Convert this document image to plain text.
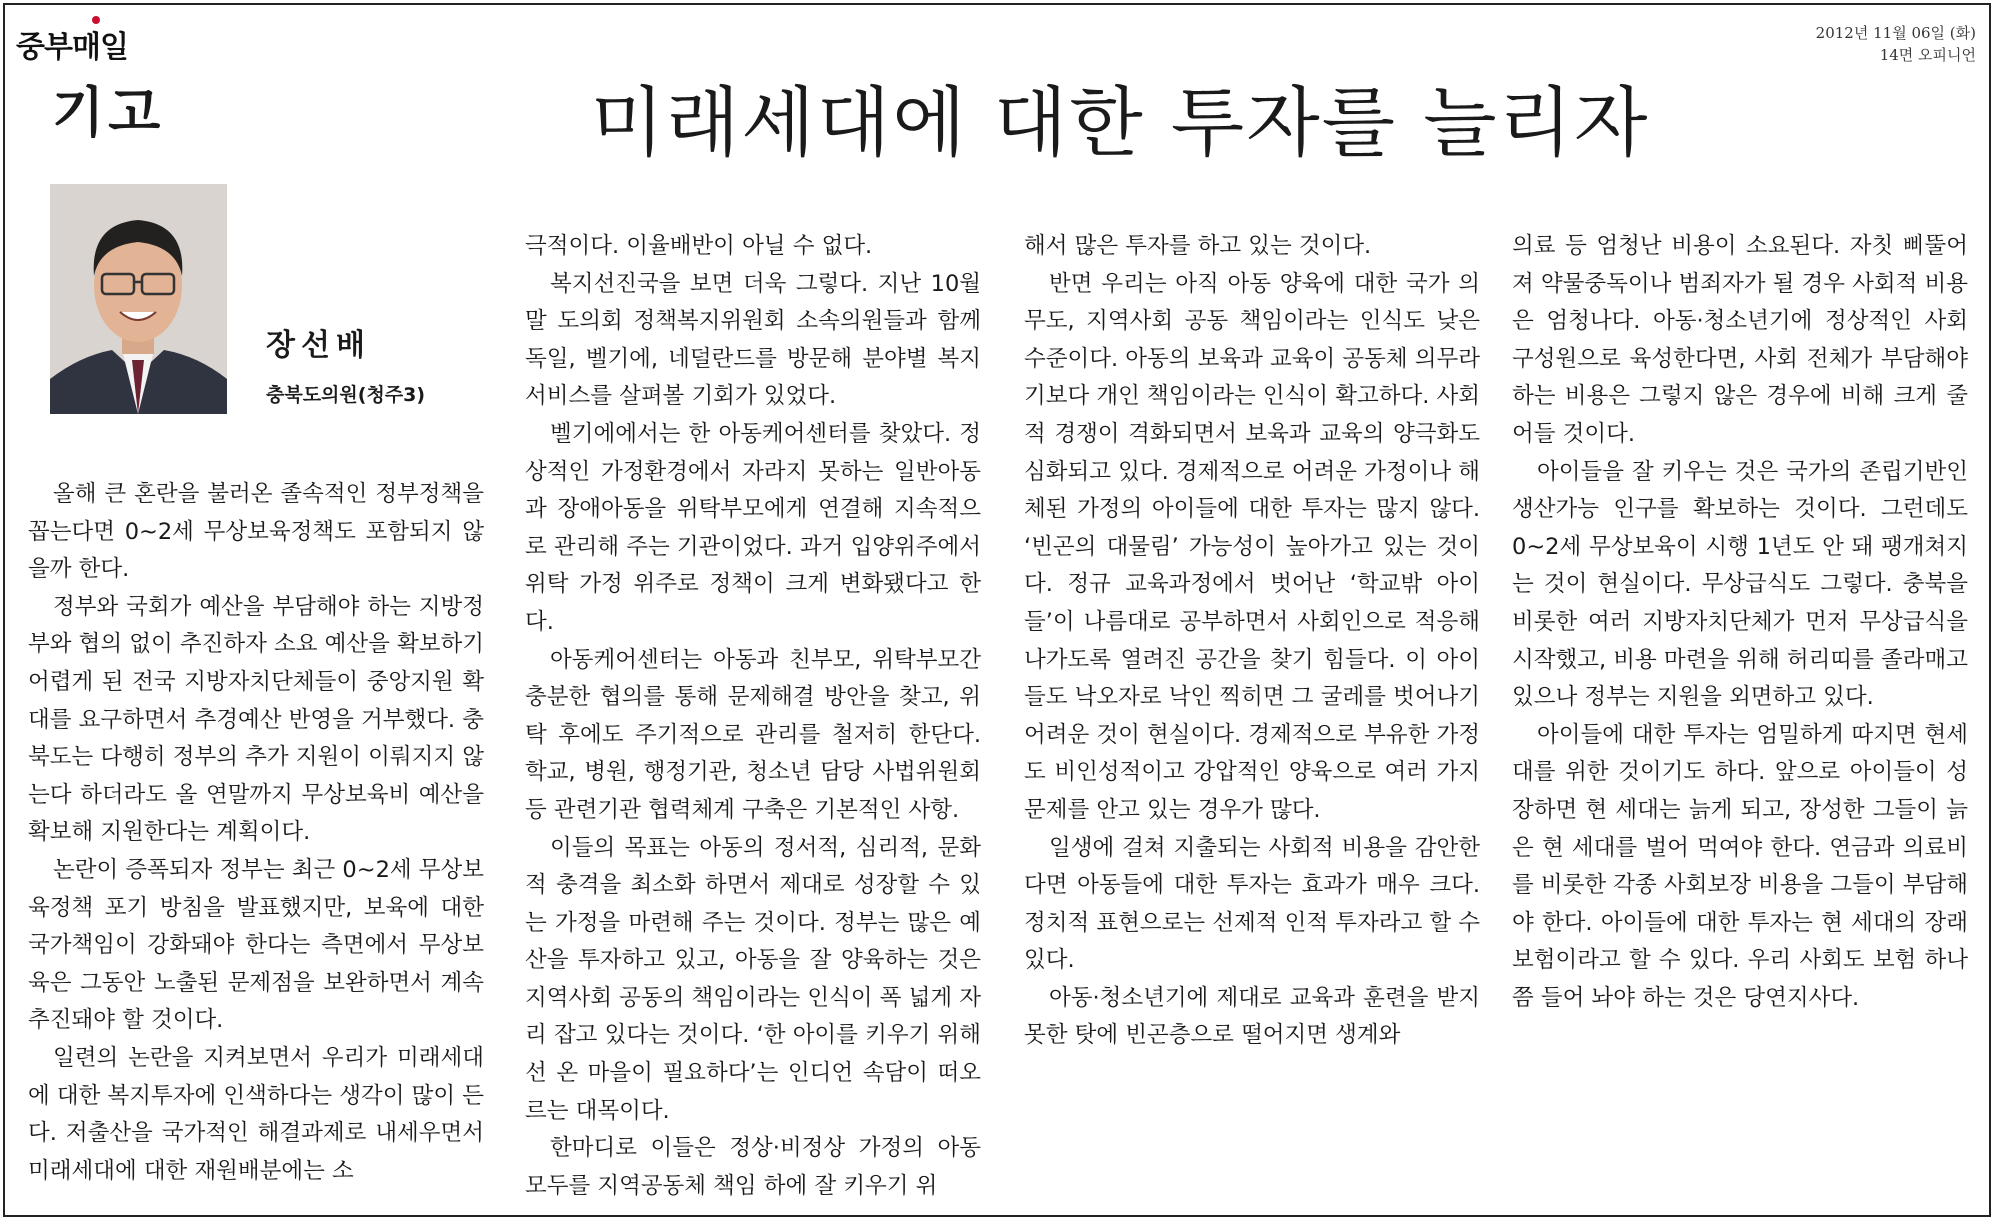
중부매일
기고
2012년 11월 06일 (화)
14면 오피니언
미래세대에 대한 투자를 늘리자
장선배
충북도의원(청주3)

올해 큰 혼란을 불러온 졸속적인 정부정책을 꼽는다면 0~2세 무상보육정책도 포함되지 않을까 한다.

정부와 국회가 예산을 부담해야 하는 지방정부와 협의 없이 추진하자 소요 예산을 확보하기 어렵게 된 전국 지방자치단체들이 중앙지원 확대를 요구하면서 추경예산 반영을 거부했다. 충북도는 다행히 정부의 추가 지원이 이뤄지지 않는다 하더라도 올 연말까지 무상보육비 예산을 확보해 지원한다는 계획이다.

논란이 증폭되자 정부는 최근 0~2세 무상보육정책 포기 방침을 발표했지만, 보육에 대한 국가책임이 강화돼야 한다는 측면에서 무상보육은 그동안 노출된 문제점을 보완하면서 계속 추진돼야 할 것이다.

일련의 논란을 지켜보면서 우리가 미래세대에 대한 복지투자에 인색하다는 생각이 많이 든다. 저출산을 국가적인 해결과제로 내세우면서 미래세대에 대한 재원배분에는 소

극적이다. 이율배반이 아닐 수 없다.

복지선진국을 보면 더욱 그렇다. 지난 10월말 도의회 정책복지위원회 소속의원들과 함께 독일, 벨기에, 네덜란드를 방문해 분야별 복지서비스를 살펴볼 기회가 있었다.

벨기에에서는 한 아동케어센터를 찾았다. 정상적인 가정환경에서 자라지 못하는 일반아동과 장애아동을 위탁부모에게 연결해 지속적으로 관리해 주는 기관이었다. 과거 입양위주에서 위탁 가정 위주로 정책이 크게 변화됐다고 한다.

아동케어센터는 아동과 친부모, 위탁부모간 충분한 협의를 통해 문제해결 방안을 찾고, 위탁 후에도 주기적으로 관리를 철저히 한단다. 학교, 병원, 행정기관, 청소년 담당 사법위원회 등 관련기관 협력체계 구축은 기본적인 사항.

이들의 목표는 아동의 정서적, 심리적, 문화적 충격을 최소화 하면서 제대로 성장할 수 있는 가정을 마련해 주는 것이다. 정부는 많은 예산을 투자하고 있고, 아동을 잘 양육하는 것은 지역사회 공동의 책임이라는 인식이 폭 넓게 자리 잡고 있다는 것이다. ‘한 아이를 키우기 위해선 온 마을이 필요하다’는 인디언 속담이 떠오르는 대목이다.

한마디로 이들은 정상·비정상 가정의 아동 모두를 지역공동체 책임 하에 잘 키우기 위

해서 많은 투자를 하고 있는 것이다.

반면 우리는 아직 아동 양육에 대한 국가 의무도, 지역사회 공동 책임이라는 인식도 낮은 수준이다. 아동의 보육과 교육이 공동체 의무라기보다 개인 책임이라는 인식이 확고하다. 사회적 경쟁이 격화되면서 보육과 교육의 양극화도 심화되고 있다. 경제적으로 어려운 가정이나 해체된 가정의 아이들에 대한 투자는 많지 않다. ‘빈곤의 대물림’ 가능성이 높아가고 있는 것이다. 정규 교육과정에서 벗어난 ‘학교밖 아이들’이 나름대로 공부하면서 사회인으로 적응해 나가도록 열려진 공간을 찾기 힘들다. 이 아이들도 낙오자로 낙인 찍히면 그 굴레를 벗어나기 어려운 것이 현실이다. 경제적으로 부유한 가정도 비인성적이고 강압적인 양육으로 여러 가지 문제를 안고 있는 경우가 많다.

일생에 걸쳐 지출되는 사회적 비용을 감안한다면 아동들에 대한 투자는 효과가 매우 크다. 정치적 표현으로는 선제적 인적 투자라고 할 수 있다.

아동·청소년기에 제대로 교육과 훈련을 받지 못한 탓에 빈곤층으로 떨어지면 생계와

의료 등 엄청난 비용이 소요된다. 자칫 삐뚤어져 약물중독이나 범죄자가 될 경우 사회적 비용은 엄청나다. 아동·청소년기에 정상적인 사회 구성원으로 육성한다면, 사회 전체가 부담해야 하는 비용은 그렇지 않은 경우에 비해 크게 줄어들 것이다.

아이들을 잘 키우는 것은 국가의 존립기반인 생산가능 인구를 확보하는 것이다. 그런데도 0~2세 무상보육이 시행 1년도 안 돼 팽개쳐지는 것이 현실이다. 무상급식도 그렇다. 충북을 비롯한 여러 지방자치단체가 먼저 무상급식을 시작했고, 비용 마련을 위해 허리띠를 졸라매고 있으나 정부는 지원을 외면하고 있다.

아이들에 대한 투자는 엄밀하게 따지면 현세대를 위한 것이기도 하다. 앞으로 아이들이 성장하면 현 세대는 늙게 되고, 장성한 그들이 늙은 현 세대를 벌어 먹여야 한다. 연금과 의료비를 비롯한 각종 사회보장 비용을 그들이 부담해야 한다. 아이들에 대한 투자는 현 세대의 장래 보험이라고 할 수 있다. 우리 사회도 보험 하나쯤 들어 놔야 하는 것은 당연지사다.
